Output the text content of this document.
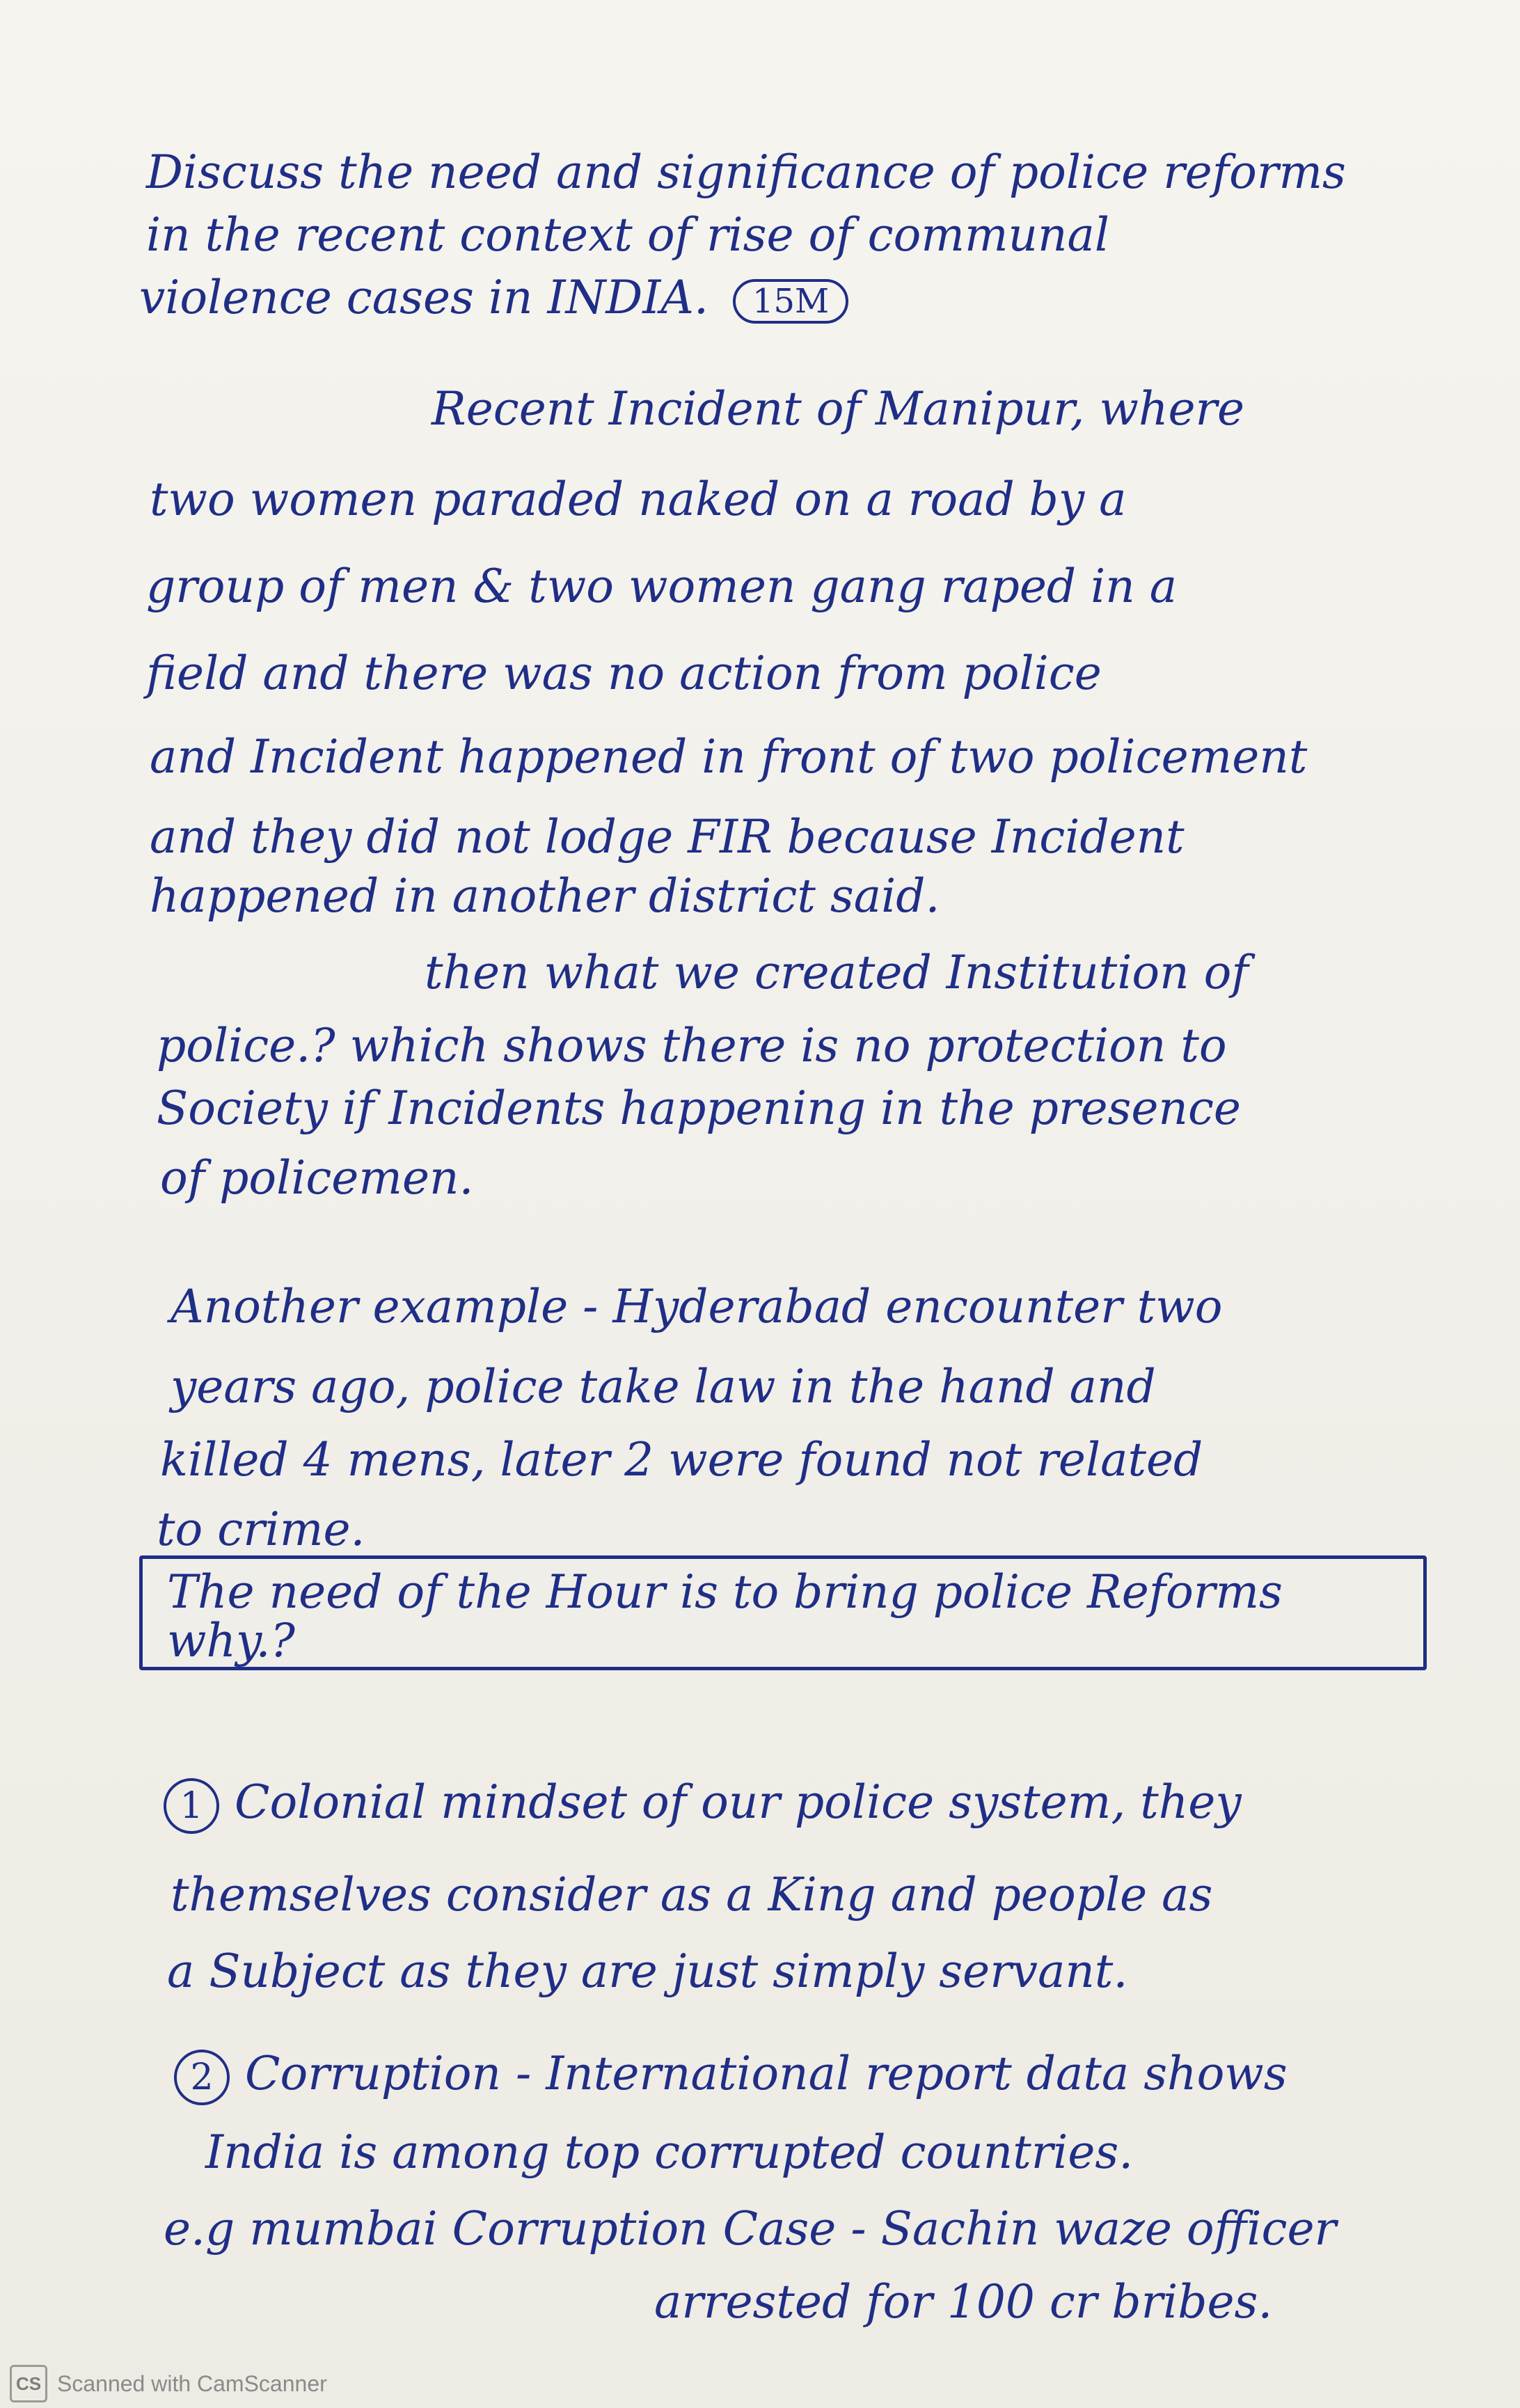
Discuss the need and significance of police reforms
in the recent context of rise of communal
violence cases in INDIA. 15M
Recent Incident of Manipur, where
two women paraded naked on a road by a
group of men & two women gang raped in a
field and there was no action from police
and Incident happened in front of two policement
and they did not lodge FIR because Incident
happened in another district said.
then what we created Institution of
police.? which shows there is no protection to
Society if Incidents happening in the presence
of policemen.
Another example - Hyderabad encounter two
years ago, police take law in the hand and
killed 4 mens, later 2 were found not related
to crime.
The need of the Hour is to bring police Reforms
why.?
1 Colonial mindset of our police system, they
themselves consider as a King and people as
a Subject as they are just simply servant.
2 Corruption - International report data shows
India is among top corrupted countries.
e.g mumbai Corruption Case - Sachin waze officer
arrested for 100 cr bribes.
CS Scanned with CamScanner
